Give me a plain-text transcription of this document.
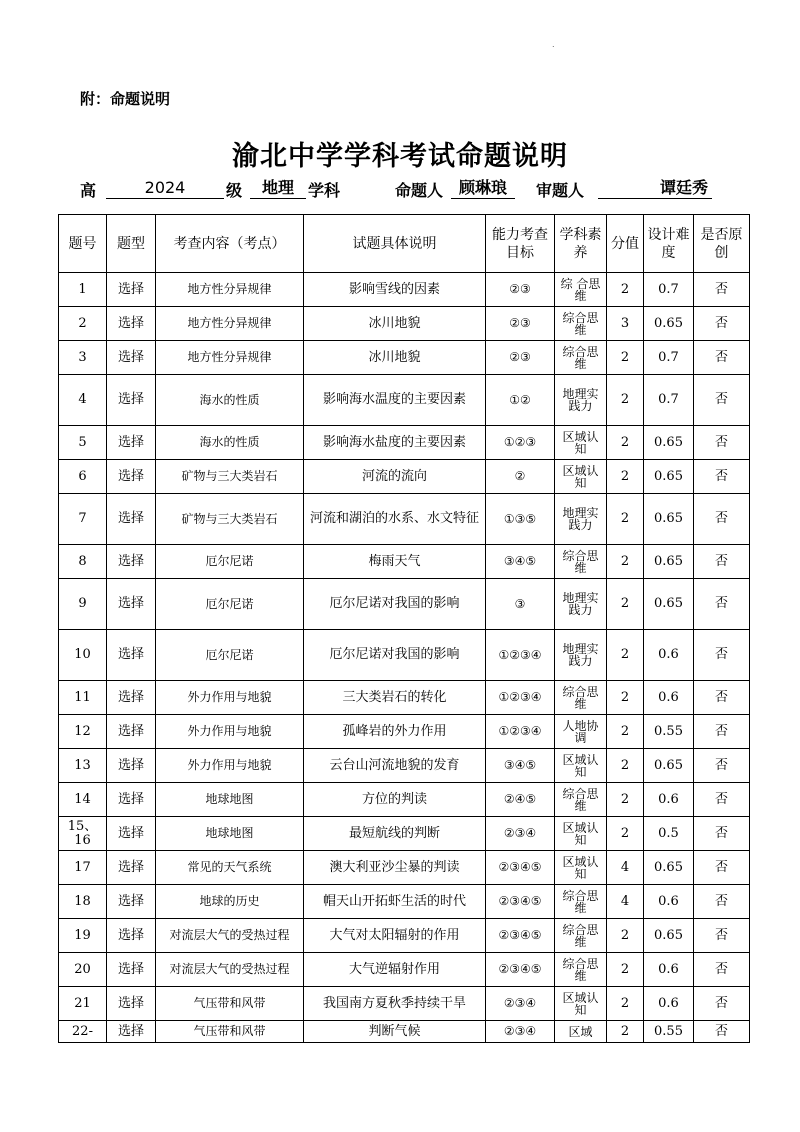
.
附：命题说明
渝北中学学科考试命题说明
高	2024	级	地理 学科	命题人 顾琳琅	审题人	谭廷秀
题号	题型	考查内容（考点）	试题具体说明	能力考查目标	学科素养	分值	设计难度	是否原创
1	选择	地方性分异规律	影响雪线的因素	②③	综 合思维	2	0.7	否
2	选择	地方性分异规律	冰川地貌	②③	综合思维	3	0.65	否
3	选择	地方性分异规律	冰川地貌	②③	综合思维	2	0.7	否
4	选择	海水的性质	影响海水温度的主要因素	①②	地理实践力	2	0.7	否
5	选择	海水的性质	影响海水盐度的主要因素	①②③	区域认知	2	0.65	否
6	选择	矿物与三大类岩石	河流的流向	②	区域认知	2	0.65	否
7	选择	矿物与三大类岩石	河流和湖泊的水系、水文特征	①③⑤	地理实践力	2	0.65	否
8	选择	厄尔尼诺	梅雨天气	③④⑤	综合思维	2	0.65	否
9	选择	厄尔尼诺	厄尔尼诺对我国的影响	③	地理实践力	2	0.65	否
10	选择	厄尔尼诺	厄尔尼诺对我国的影响	①②③④	地理实践力	2	0.6	否
11	选择	外力作用与地貌	三大类岩石的转化	①②③④	综合思维	2	0.6	否
12	选择	外力作用与地貌	孤峰岩的外力作用	①②③④	人地协调	2	0.55	否
13	选择	外力作用与地貌	云台山河流地貌的发育	③④⑤	区域认知	2	0.65	否
14	选择	地球地图	方位的判读	②④⑤	综合思维	2	0.6	否
15、16	选择	地球地图	最短航线的判断	②③④	区域认知	2	0.5	否
17	选择	常见的天气系统	澳大利亚沙尘暴的判读	②③④⑤	区域认知	4	0.65	否
18	选择	地球的历史	帽天山开拓虾生活的时代	②③④⑤	综合思维	4	0.6	否
19	选择	对流层大气的受热过程	大气对太阳辐射的作用	②③④⑤	综合思维	2	0.65	否
20	选择	对流层大气的受热过程	大气逆辐射作用	②③④⑤	综合思维	2	0.6	否
21	选择	气压带和风带	我国南方夏秋季持续干旱	②③④	区域认知	2	0.6	否
22-	选择	气压带和风带	判断气候	②③④	区域	2	0.55	否
